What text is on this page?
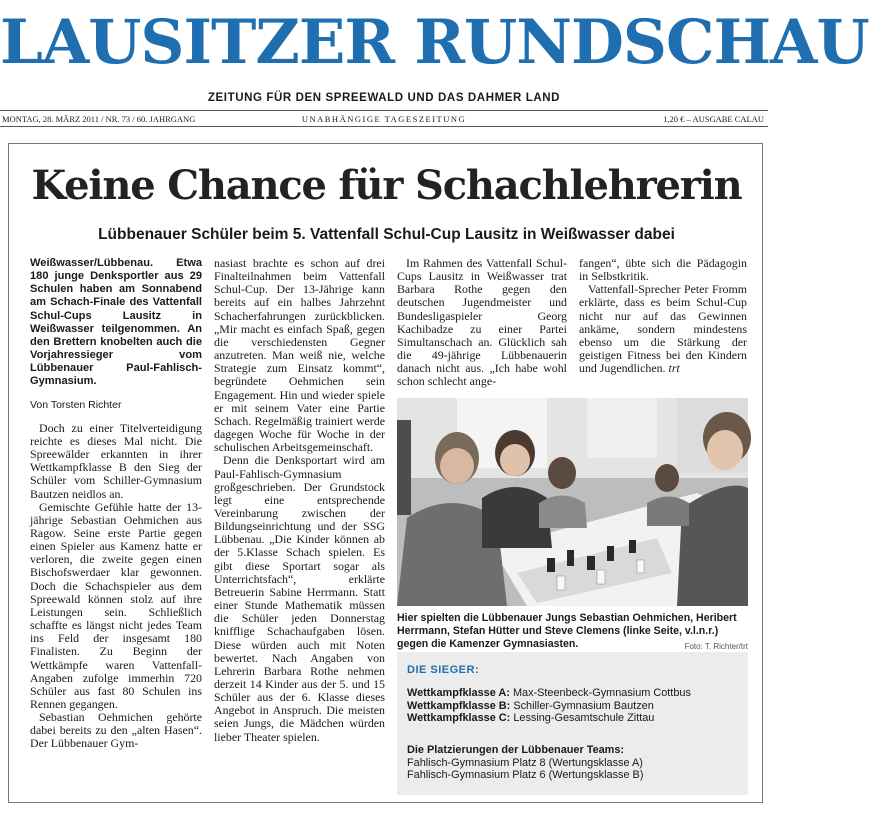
LAUSITZER RUNDSCHAU
ZEITUNG FÜR DEN SPREEWALD UND DAS DAHMER LAND
MONTAG, 28. MÄRZ 2011 / NR. 73 / 60. JAHRGANG	UNABHÄNGIGE TAGESZEITUNG	1,20 € – AUSGABE CALAU
Keine Chance für Schachlehrerin
Lübbenauer Schüler beim 5. Vattenfall Schul-Cup Lausitz in Weißwasser dabei

Weißwasser/Lübbenau. Etwa 180 junge Denksportler aus 29 Schulen haben am Sonnabend am Schach-Finale des Vattenfall Schul-Cups Lausitz in Weißwasser teilgenommen. An den Brettern knobelten auch die Vorjahressieger vom Lübbenauer Paul-Fahlisch-Gymnasium.

Von Torsten Richter

Doch zu einer Titelverteidigung reichte es dieses Mal nicht. Die Spreewälder erkannten in ihrer Wettkampfklasse B den Sieg der Schüler vom Schiller-Gymnasium Bautzen neidlos an.

Gemischte Gefühle hatte der 13-jährige Sebastian Oehmichen aus Ragow. Seine erste Partie gegen einen Spieler aus Kamenz hatte er verloren, die zweite gegen einen Bischofswerdaer klar gewonnen. Doch die Schachspieler aus dem Spreewald können stolz auf ihre Leistungen sein. Schließlich schaffte es längst nicht jedes Team ins Feld der insgesamt 180 Finalisten. Zu Beginn der Wettkämpfe waren Vattenfall-Angaben zufolge immerhin 720 Schüler aus fast 80 Schulen ins Rennen gegangen.

Sebastian Oehmichen gehörte dabei bereits zu den „alten Hasen“. Der Lübbenauer Gym-

nasiast brachte es schon auf drei Finalteilnahmen beim Vattenfall Schul-Cup. Der 13-Jährige kann bereits auf ein halbes Jahrzehnt Schacherfahrungen zurückblicken. „Mir macht es einfach Spaß, gegen die verschiedensten Gegner anzutreten. Man weiß nie, welche Strategie zum Einsatz kommt“, begründete Oehmichen sein Engagement. Hin und wieder spiele er mit seinem Vater eine Partie Schach. Regelmäßig trainiert werde dagegen Woche für Woche in der schulischen Arbeitsgemeinschaft.

Denn die Denksportart wird am Paul-Fahlisch-Gymnasium großgeschrieben. Der Grundstock legt eine entsprechende Vereinbarung zwischen der Bildungseinrichtung und der SSG Lübbenau. „Die Kinder können ab der 5.Klasse Schach spielen. Es gibt diese Sportart sogar als Unterrichtsfach“, erklärte Betreuerin Sabine Herrmann. Statt einer Stunde Mathematik müssen die Schüler jeden Donnerstag knifflige Schachaufgaben lösen. Diese würden auch mit Noten bewertet. Nach Angaben von Lehrerin Barbara Rothe nehmen derzeit 14 Kinder aus der 5. und 15 Schüler aus der 6. Klasse dieses Angebot in Anspruch. Die meisten seien Jungs, die Mädchen würden lieber Theater spielen.

Im Rahmen des Vattenfall Schul-Cups Lausitz in Weißwasser trat Barbara Rothe gegen den deutschen Jugendmeister und Bundesligaspieler Georg Kachibadze zu einer Partei Simultanschach an. Glücklich sah die 49-jährige Lübbenauerin danach nicht aus. „Ich habe wohl schon schlecht ange-

fangen“, übte sich die Pädagogin in Selbstkritik.

Vattenfall-Sprecher Peter Fromm erklärte, dass es beim Schul-Cup nicht nur auf das Gewinnen ankäme, sondern mindestens ebenso um die Stärkung der geistigen Fitness bei den Kindern und Jugendlichen. trt

Hier spielten die Lübbenauer Jungs Sebastian Oehmichen, Heribert Herrmann, Stefan Hütter und Steve Clemens (linke Seite, v.l.n.r.) gegen die Kamenzer Gymnasiasten.	Foto: T. Richter/trt
DIE SIEGER:
Wettkampfklasse A: Max-Steenbeck-Gymnasium Cottbus
Wettkampfklasse B: Schiller-Gymnasium Bautzen
Wettkampfklasse C: Lessing-Gesamtschule Zittau
Die Platzierungen der Lübbenauer Teams:
Fahlisch-Gymnasium Platz 8 (Wertungsklasse A)
Fahlisch-Gymnasium Platz 6 (Wertungsklasse B)
